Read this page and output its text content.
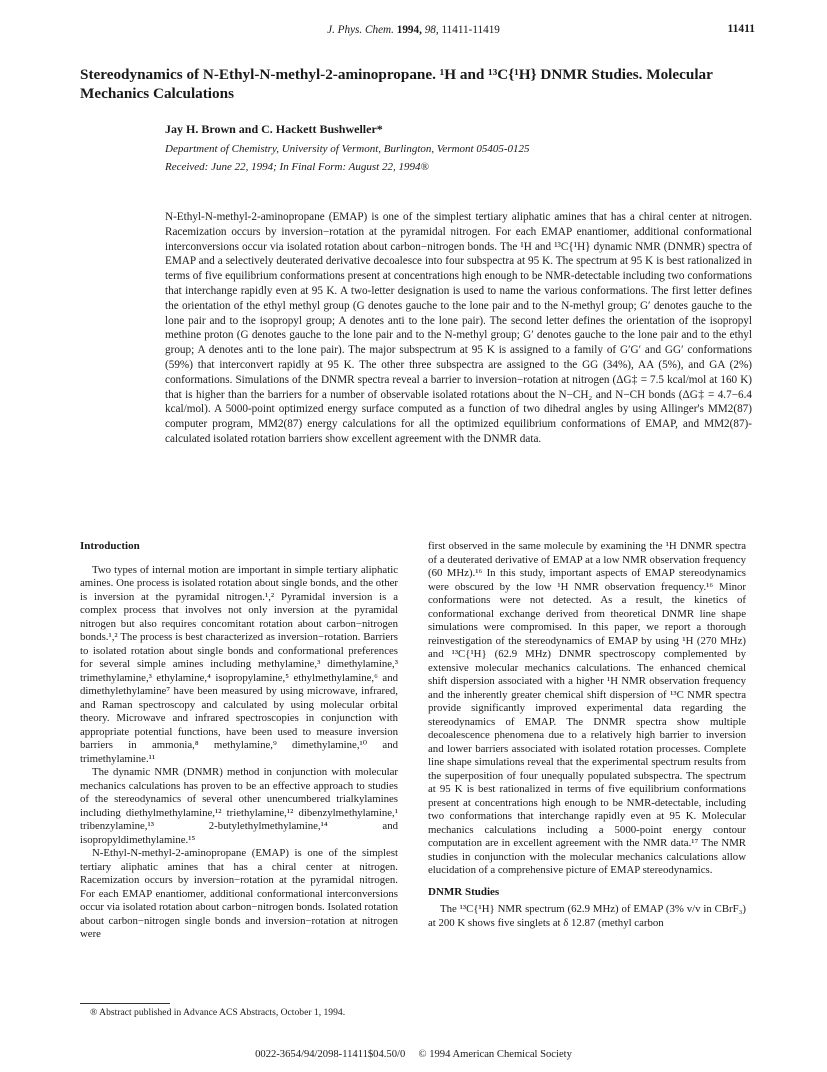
J. Phys. Chem. 1994, 98, 11411-11419	11411
Stereodynamics of N-Ethyl-N-methyl-2-aminopropane. ¹H and ¹³C{¹H} DNMR Studies. Molecular Mechanics Calculations
Jay H. Brown and C. Hackett Bushweller*
Department of Chemistry, University of Vermont, Burlington, Vermont 05405-0125
Received: June 22, 1994; In Final Form: August 22, 1994®
N-Ethyl-N-methyl-2-aminopropane (EMAP) is one of the simplest tertiary aliphatic amines that has a chiral center at nitrogen. Racemization occurs by inversion−rotation at the pyramidal nitrogen. For each EMAP enantiomer, additional conformational interconversions occur via isolated rotation about carbon−nitrogen bonds. The ¹H and ¹³C{¹H} dynamic NMR (DNMR) spectra of EMAP and a selectively deuterated derivative decoalesce into four subspectra at 95 K. The spectrum at 95 K is best rationalized in terms of five equilibrium conformations present at concentrations high enough to be NMR-detectable including two conformations that interchange rapidly even at 95 K. A two-letter designation is used to name the various conformations. The first letter defines the orientation of the ethyl methyl group (G denotes gauche to the lone pair and to the N-methyl group; G′ denotes gauche to the lone pair and to the isopropyl group; A denotes anti to the lone pair). The second letter defines the orientation of the isopropyl methine proton (G denotes gauche to the lone pair and to the N-methyl group; G′ denotes gauche to the lone pair and to the ethyl group; A denotes anti to the lone pair). The major subspectrum at 95 K is assigned to a family of G′G′ and GG′ conformations (59%) that interconvert rapidly at 95 K. The other three subspectra are assigned to the GG (34%), AA (5%), and GA (2%) conformations. Simulations of the DNMR spectra reveal a barrier to inversion−rotation at nitrogen (ΔG‡ = 7.5 kcal/mol at 160 K) that is higher than the barriers for a number of observable isolated rotations about the N−CH₂ and N−CH bonds (ΔG‡ = 4.7−6.4 kcal/mol). A 5000-point optimized energy surface computed as a function of two dihedral angles by using Allinger's MM2(87) computer program, MM2(87) energy calculations for all the optimized equilibrium conformations of EMAP, and MM2(87)-calculated isolated rotation barriers show excellent agreement with the DNMR data.

Introduction

Two types of internal motion are important in simple tertiary aliphatic amines. One process is isolated rotation about single bonds, and the other is inversion at the pyramidal nitrogen.¹,² Pyramidal inversion is a complex process that involves not only inversion at the pyramidal nitrogen but also requires concomitant rotation about carbon−nitrogen bonds.¹,² The process is best characterized as inversion−rotation. Barriers to isolated rotation about single bonds and conformational preferences for several simple amines including methylamine,³ dimethylamine,³ trimethylamine,³ ethylamine,⁴ isopropylamine,⁵ ethylmethylamine,⁶ and dimethylethylamine⁷ have been measured by using microwave, infrared, and Raman spectroscopy and calculated by using molecular orbital theory. Microwave and infrared spectroscopies in conjunction with appropriate potential functions, have been used to measure inversion barriers in ammonia,⁸ methylamine,⁹ dimethylamine,¹⁰ and trimethylamine.¹¹

The dynamic NMR (DNMR) method in conjunction with molecular mechanics calculations has proven to be an effective approach to studies of the stereodynamics of several other unencumbered trialkylamines including diethylmethylamine,¹² triethylamine,¹² dibenzylmethylamine,¹ tribenzylamine,¹³ 2-butylethylmethylamine,¹⁴ and isopropyldimethylamine.¹⁵

N-Ethyl-N-methyl-2-aminopropane (EMAP) is one of the simplest tertiary aliphatic amines that has a chiral center at nitrogen. Racemization occurs by inversion−rotation at the pyramidal nitrogen. For each EMAP enantiomer, additional conformational interconversions occur via isolated rotation about carbon−nitrogen bonds. Isolated rotation about carbon−nitrogen single bonds and inversion−rotation at nitrogen were

first observed in the same molecule by examining the ¹H DNMR spectra of a deuterated derivative of EMAP at a low NMR observation frequency (60 MHz).¹⁶ In this study, important aspects of EMAP stereodynamics were obscured by the low ¹H NMR observation frequency.¹⁶ Minor conformations were not detected. As a result, the kinetics of conformational exchange derived from theoretical DNMR line shape simulations were compromised. In this paper, we report a thorough reinvestigation of the stereodynamics of EMAP by using ¹H (270 MHz) and ¹³C{¹H} (62.9 MHz) DNMR spectroscopy complemented by extensive molecular mechanics calculations. The enhanced chemical shift dispersion associated with a higher ¹H NMR observation frequency and the inherently greater chemical shift dispersion of ¹³C NMR spectra provide significantly improved experimental data regarding the stereodynamics of EMAP. The DNMR spectra show multiple decoalescence phenomena due to a relatively high barrier to inversion and lower barriers associated with isolated rotation processes. Complete line shape simulations reveal that the experimental spectrum results from the superposition of four unequally populated subspectra. The spectrum at 95 K is best rationalized in terms of five equilibrium conformations present at concentrations high enough to be NMR-detectable, including two conformations that interchange rapidly even at 95 K. Molecular mechanics calculations including a 5000-point energy contour computation are in excellent agreement with the NMR data.¹⁷ The NMR studies in conjunction with the molecular mechanics calculations allow elucidation of a comprehensive picture of EMAP stereodynamics.

DNMR Studies

The ¹³C{¹H} NMR spectrum (62.9 MHz) of EMAP (3% v/v in CBrF₃) at 200 K shows five singlets at δ 12.87 (methyl carbon

® Abstract published in Advance ACS Abstracts, October 1, 1994.
0022-3654/94/2098-11411$04.50/0 © 1994 American Chemical Society
